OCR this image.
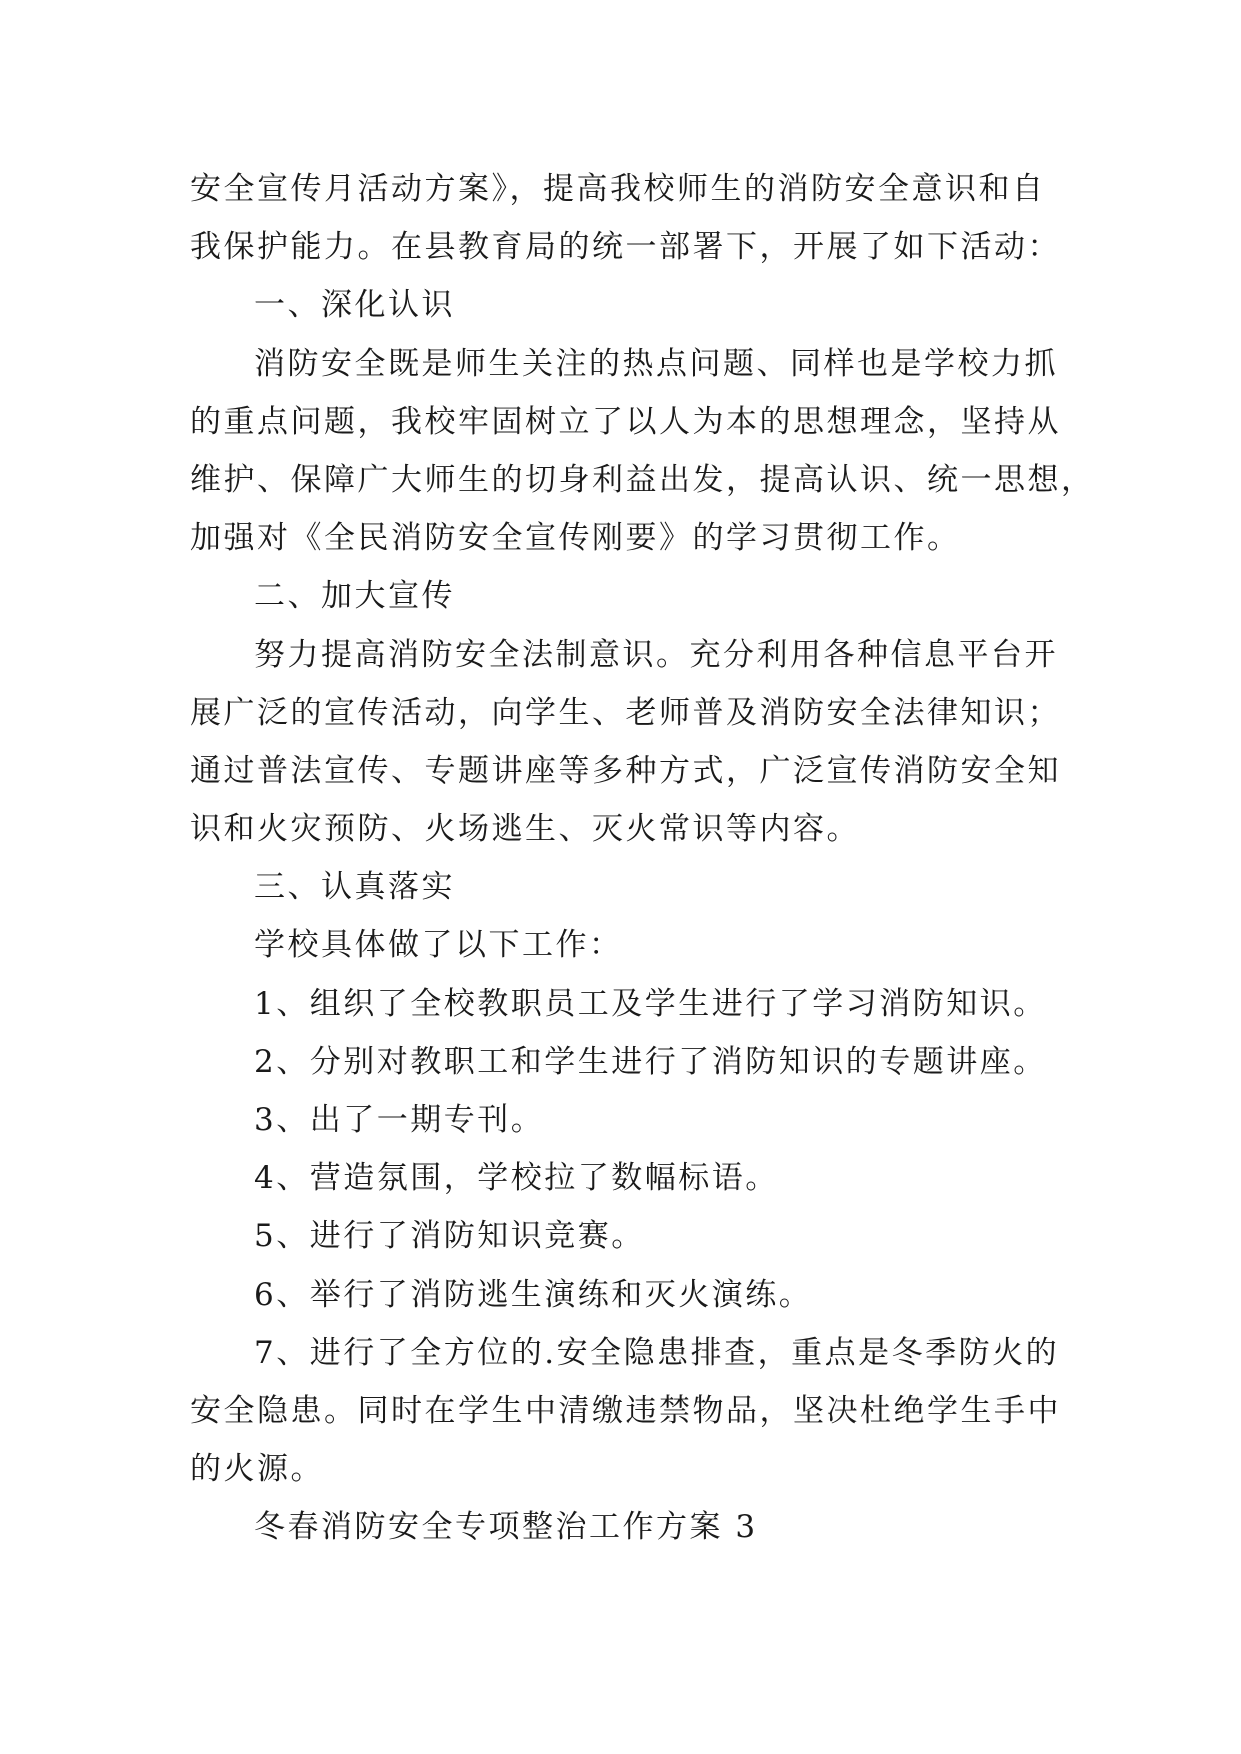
安全宣传月活动方案》，提高我校师生的消防安全意识和自
我保护能力。在县教育局的统一部署下，开展了如下活动：
一、深化认识
消防安全既是师生关注的热点问题、同样也是学校力抓
的重点问题，我校牢固树立了以人为本的思想理念，坚持从
维护、保障广大师生的切身利益出发，提高认识、统一思想，
加强对《全民消防安全宣传刚要》的学习贯彻工作。
二、加大宣传
努力提高消防安全法制意识。充分利用各种信息平台开
展广泛的宣传活动，向学生、老师普及消防安全法律知识；
通过普法宣传、专题讲座等多种方式，广泛宣传消防安全知
识和火灾预防、火场逃生、灭火常识等内容。
三、认真落实
学校具体做了以下工作：
1、组织了全校教职员工及学生进行了学习消防知识。
2、分别对教职工和学生进行了消防知识的专题讲座。
3、出了一期专刊。
4、营造氛围，学校拉了数幅标语。
5、进行了消防知识竞赛。
6、举行了消防逃生演练和灭火演练。
7、进行了全方位的.安全隐患排查，重点是冬季防火的
安全隐患。同时在学生中清缴违禁物品，坚决杜绝学生手中
的火源。
冬春消防安全专项整治工作方案 3
